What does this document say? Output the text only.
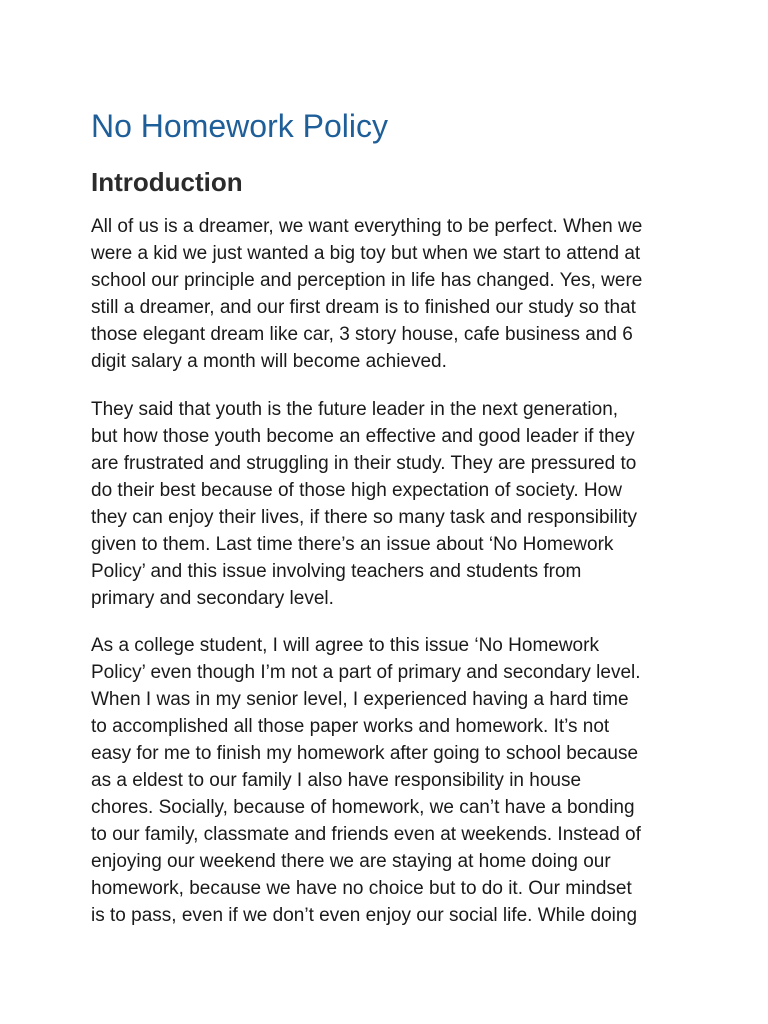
No Homework Policy
Introduction

All of us is a dreamer, we want everything to be perfect. When we
were a kid we just wanted a big toy but when we start to attend at
school our principle and perception in life has changed. Yes, were
still a dreamer, and our first dream is to finished our study so that
those elegant dream like car, 3 story house, cafe business and 6
digit salary a month will become achieved.

They said that youth is the future leader in the next generation,
but how those youth become an effective and good leader if they
are frustrated and struggling in their study. They are pressured to
do their best because of those high expectation of society. How
they can enjoy their lives, if there so many task and responsibility
given to them. Last time there’s an issue about ‘No Homework
Policy’ and this issue involving teachers and students from
primary and secondary level.

As a college student, I will agree to this issue ‘No Homework
Policy’ even though I’m not a part of primary and secondary level.
When I was in my senior level, I experienced having a hard time
to accomplished all those paper works and homework. It’s not
easy for me to finish my homework after going to school because
as a eldest to our family I also have responsibility in house
chores. Socially, because of homework, we can’t have a bonding
to our family, classmate and friends even at weekends. Instead of
enjoying our weekend there we are staying at home doing our
homework, because we have no choice but to do it. Our mindset
is to pass, even if we don’t even enjoy our social life. While doing
